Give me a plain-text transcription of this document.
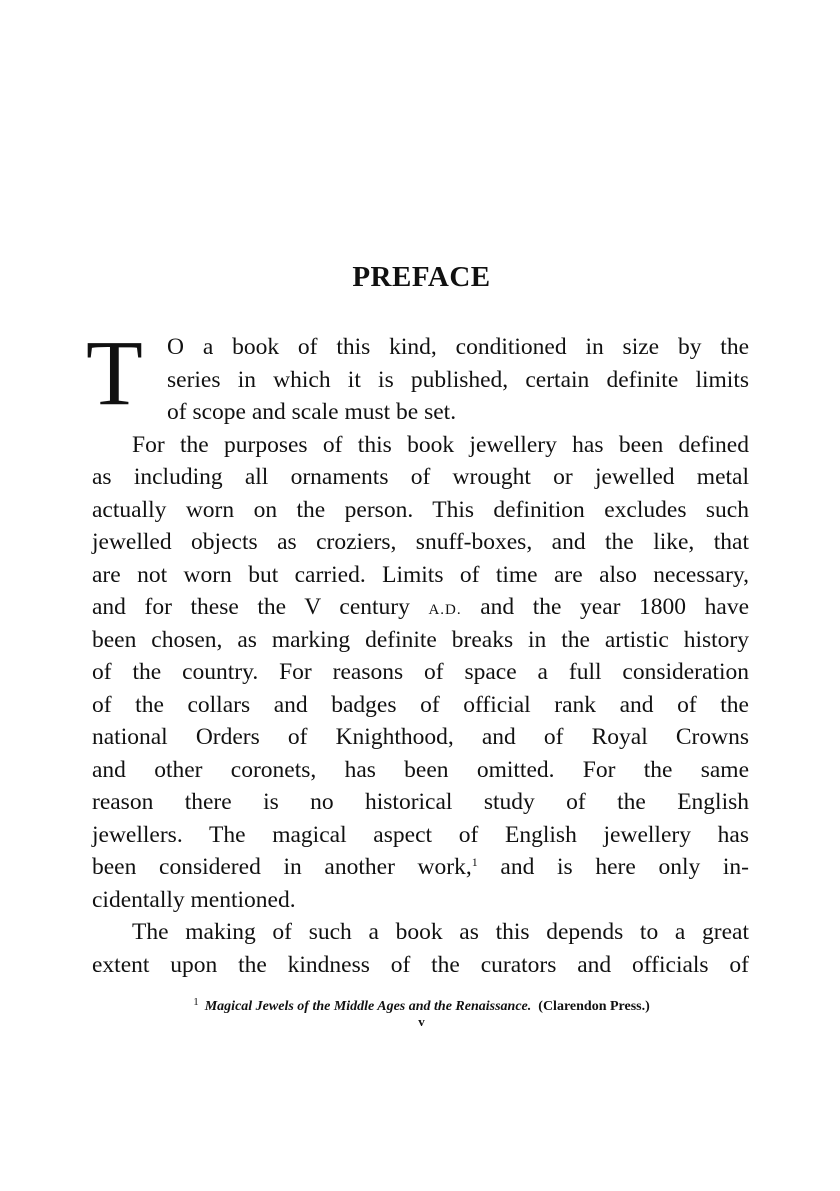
PREFACE
T	O a book of this kind, conditioned in size by the
series in which it is published, certain definite limits
of scope and scale must be set.
For the purposes of this book jewellery has been defined
as including all ornaments of wrought or jewelled metal
actually worn on the person. This definition excludes such
jewelled objects as croziers, snuff-boxes, and the like, that
are not worn but carried. Limits of time are also necessary,
and for these the V century A.D. and the year 1800 have
been chosen, as marking definite breaks in the artistic history
of the country. For reasons of space a full consideration
of the collars and badges of official rank and of the
national Orders of Knighthood, and of Royal Crowns
and other coronets, has been omitted. For the same
reason there is no historical study of the English
jewellers. The magical aspect of English jewellery has
been considered in another work,$^1$ and is here only in-
cidentally mentioned.
The making of such a book as this depends to a great
extent upon the kindness of the curators and officials of
$^1$ Magical Jewels of the Middle Ages and the Renaissance. (Clarendon Press.)
v
